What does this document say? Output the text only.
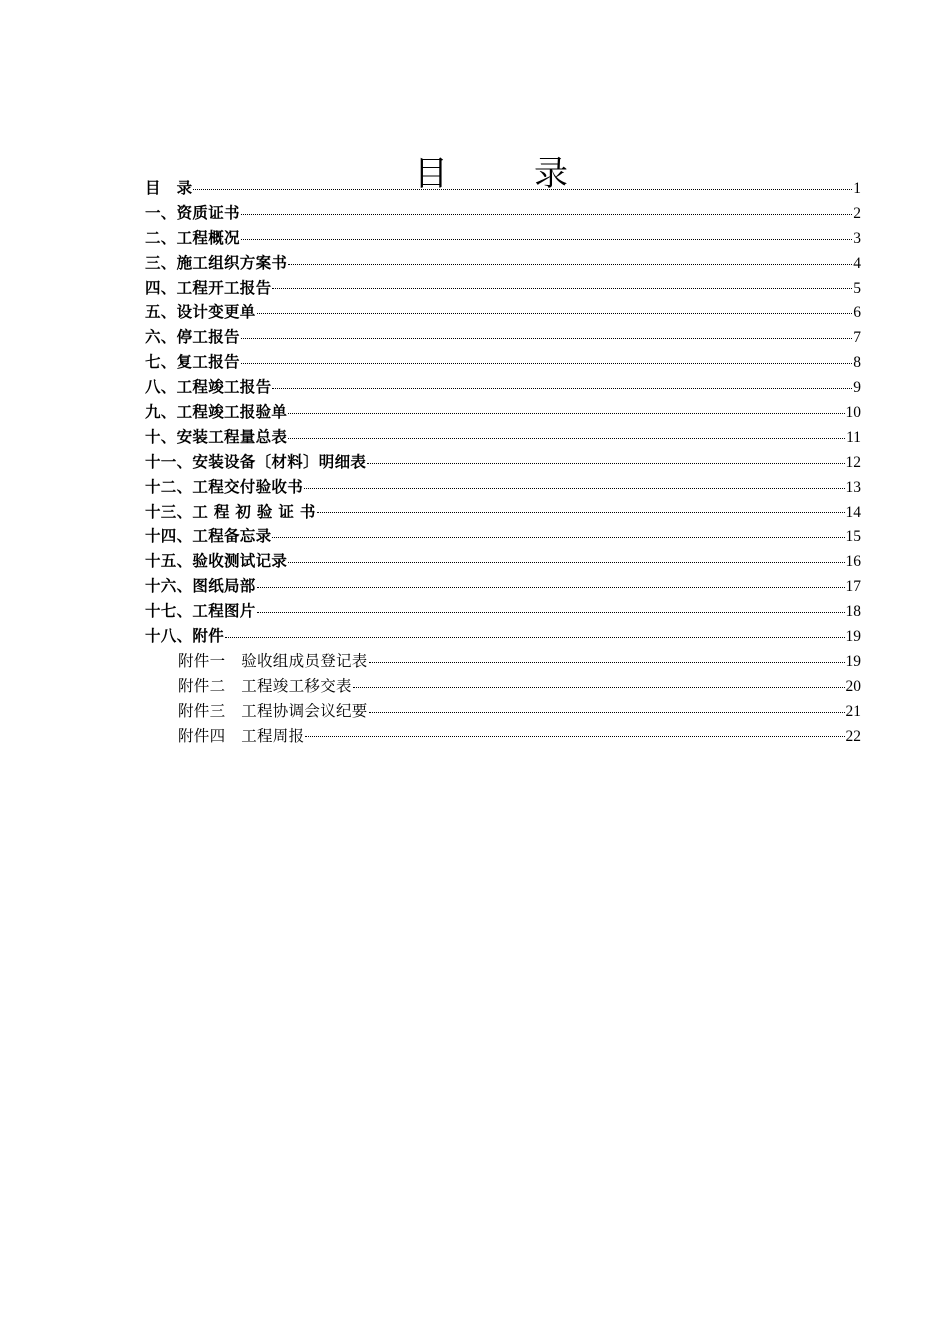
目　录
目　录	1
一、资质证书	2
二、工程概况	3
三、施工组织方案书	4
四、工程开工报告	5
五、设计变更单	6
六、停工报告	7
七、复工报告	8
八、工程竣工报告	9
九、工程竣工报验单	10
十、安装工程量总表	11
十一、安装设备〔材料〕明细表	12
十二、工程交付验收书	13
十三、工 程 初 验 证 书	14
十四、工程备忘录	15
十五、验收测试记录	16
十六、图纸局部	17
十七、工程图片	18
十八、附件	19
附件一　验收组成员登记表	19
附件二　工程竣工移交表	20
附件三　工程协调会议纪要	21
附件四　工程周报	22
